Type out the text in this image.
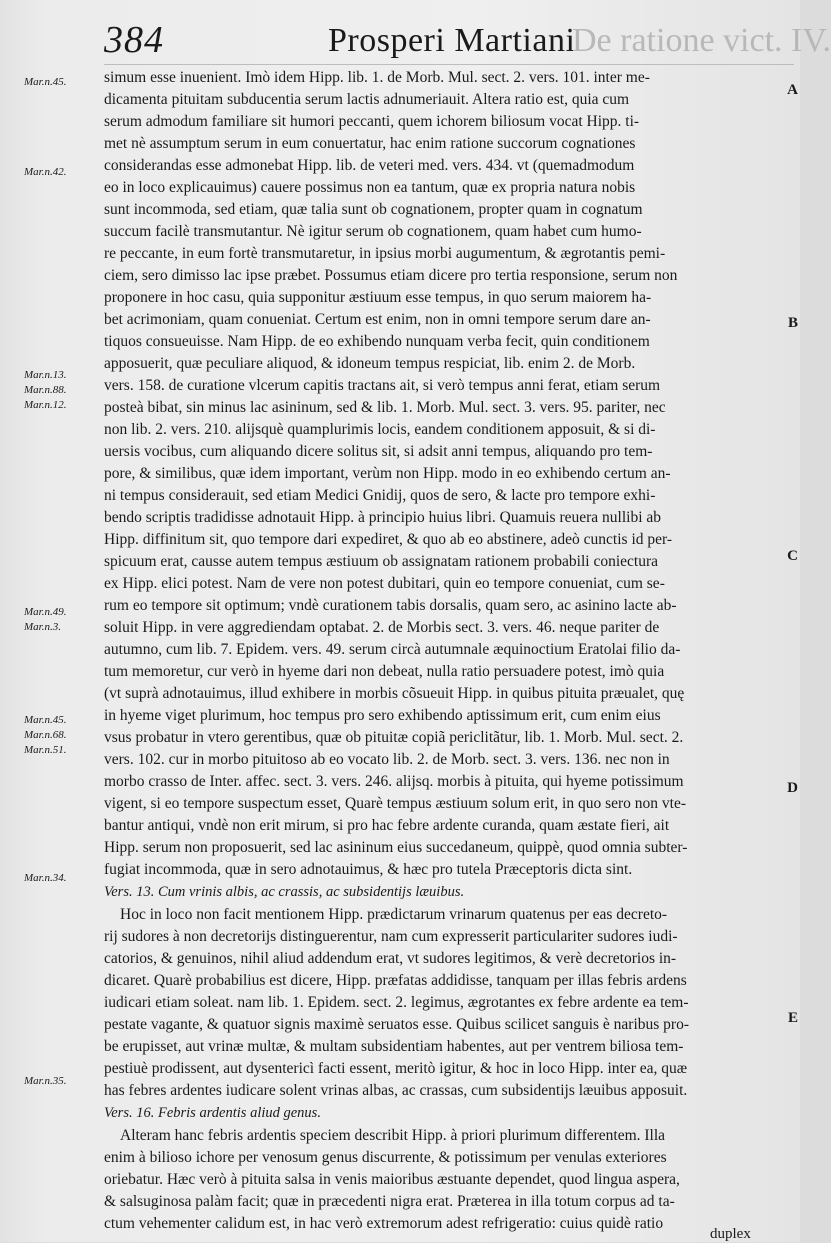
384	Prosperi Martiani
De ratione vict. IV.
Mar.n.45.
Mar.n.42.
Mar.n.13.
Mar.n.88.
Mar.n.12.
Mar.n.49.
Mar.n.3.
Mar.n.45.
Mar.n.68.
Mar.n.51.
Mar.n.34.
Mar.n.35.
A
B
C
D
E
simum esse inuenient. Imò idem Hipp. lib. 1. de Morb. Mul. sect. 2. vers. 101. inter me-
dicamenta pituitam subducentia serum lactis adnumeriauit. Altera ratio est, quia cum
serum admodum familiare sit humori peccanti, quem ichorem biliosum vocat Hipp. ti-
met nè assumptum serum in eum conuertatur, hac enim ratione succorum cognationes
considerandas esse admonebat Hipp. lib. de veteri med. vers. 434. vt (quemadmodum
eo in loco explicauimus) cauere possimus non ea tantum, quæ ex propria natura nobis
sunt incommoda, sed etiam, quæ talia sunt ob cognationem, propter quam in cognatum
succum facilè transmutantur. Nè igitur serum ob cognationem, quam habet cum humo-
re peccante, in eum fortè transmutaretur, in ipsius morbi augumentum, & ægrotantis pemi-
ciem, sero dimisso lac ipse præbet. Possumus etiam dicere pro tertia responsione, serum non
proponere in hoc casu, quia supponitur æstiuum esse tempus, in quo serum maiorem ha-
bet acrimoniam, quam conueniat. Certum est enim, non in omni tempore serum dare an-
tiquos consueuisse. Nam Hipp. de eo exhibendo nunquam verba fecit, quin conditionem
apposuerit, quæ peculiare aliquod, & idoneum tempus respiciat, lib. enim 2. de Morb.
vers. 158. de curatione vlcerum capitis tractans ait, si verò tempus anni ferat, etiam serum
posteà bibat, sin minus lac asininum, sed & lib. 1. Morb. Mul. sect. 3. vers. 95. pariter, nec
non lib. 2. vers. 210. alijsquè quamplurimis locis, eandem conditionem apposuit, & si di-
uersis vocibus, cum aliquando dicere solitus sit, si adsit anni tempus, aliquando pro tem-
pore, & similibus, quæ idem important, verùm non Hipp. modo in eo exhibendo certum an-
ni tempus considerauit, sed etiam Medici Gnidij, quos de sero, & lacte pro tempore exhi-
bendo scriptis tradidisse adnotauit Hipp. à principio huius libri. Quamuis reuera nullibi ab
Hipp. diffinitum sit, quo tempore dari expediret, & quo ab eo abstinere, adeò cunctis id per-
spicuum erat, causse autem tempus æstiuum ob assignatam rationem probabili coniectura
ex Hipp. elici potest. Nam de vere non potest dubitari, quin eo tempore conueniat, cum se-
rum eo tempore sit optimum; vndè curationem tabis dorsalis, quam sero, ac asinino lacte ab-
soluit Hipp. in vere aggrediendam optabat. 2. de Morbis sect. 3. vers. 46. neque pariter de
autumno, cum lib. 7. Epidem. vers. 49. serum circà autumnale æquinoctium Eratolai filio da-
tum memoretur, cur verò in hyeme dari non debeat, nulla ratio persuadere potest, imò quia
(vt suprà adnotauimus, illud exhibere in morbis cõsueuit Hipp. in quibus pituita præualet, quę
in hyeme viget plurimum, hoc tempus pro sero exhibendo aptissimum erit, cum enim eius
vsus probatur in vtero gerentibus, quæ ob pituitæ copiã periclitãtur, lib. 1. Morb. Mul. sect. 2.
vers. 102. cur in morbo pituitoso ab eo vocato lib. 2. de Morb. sect. 3. vers. 136. nec non in
morbo crasso de Inter. affec. sect. 3. vers. 246. alijsq. morbis à pituita, qui hyeme potissimum
vigent, si eo tempore suspectum esset, Quarè tempus æstiuum solum erit, in quo sero non vte-
bantur antiqui, vndè non erit mirum, si pro hac febre ardente curanda, quam æstate fieri, ait
Hipp. serum non proposuerit, sed lac asininum eius succedaneum, quippè, quod omnia subter-
fugiat incommoda, quæ in sero adnotauimus, & hæc pro tutela Præceptoris dicta sint.
Vers. 13. Cum vrinis albis, ac crassis, ac subsidentijs læuibus.
Hoc in loco non facit mentionem Hipp. prædictarum vrinarum quatenus per eas decreto-
rij sudores à non decretorijs distinguerentur, nam cum expresserit particulariter sudores iudi-
catorios, & genuinos, nihil aliud addendum erat, vt sudores legitimos, & verè decretorios in-
dicaret. Quarè probabilius est dicere, Hipp. præfatas addidisse, tanquam per illas febris ardens
iudicari etiam soleat. nam lib. 1. Epidem. sect. 2. legimus, ægrotantes ex febre ardente ea tem-
pestate vagante, & quatuor signis maximè seruatos esse. Quibus scilicet sanguis è naribus pro-
be erupisset, aut vrinæ multæ, & multam subsidentiam habentes, aut per ventrem biliosa tem-
pestiuè prodissent, aut dysentericì facti essent, meritò igitur, & hoc in loco Hipp. inter ea, quæ
has febres ardentes iudicare solent vrinas albas, ac crassas, cum subsidentijs læuibus apposuit.
Vers. 16. Febris ardentis aliud genus.
Alteram hanc febris ardentis speciem describit Hipp. à priori plurimum differentem. Illa
enim à bilioso ichore per venosum genus discurrente, & potissimum per venulas exteriores
oriebatur. Hæc verò à pituita salsa in venis maioribus æstuante dependet, quod lingua aspera,
& salsuginosa palàm facit; quæ in præcedenti nigra erat. Præterea in illa totum corpus ad ta-
ctum vehementer calidum est, in hac verò extremorum adest refrigeratio: cuius quidè ratio
duplex
